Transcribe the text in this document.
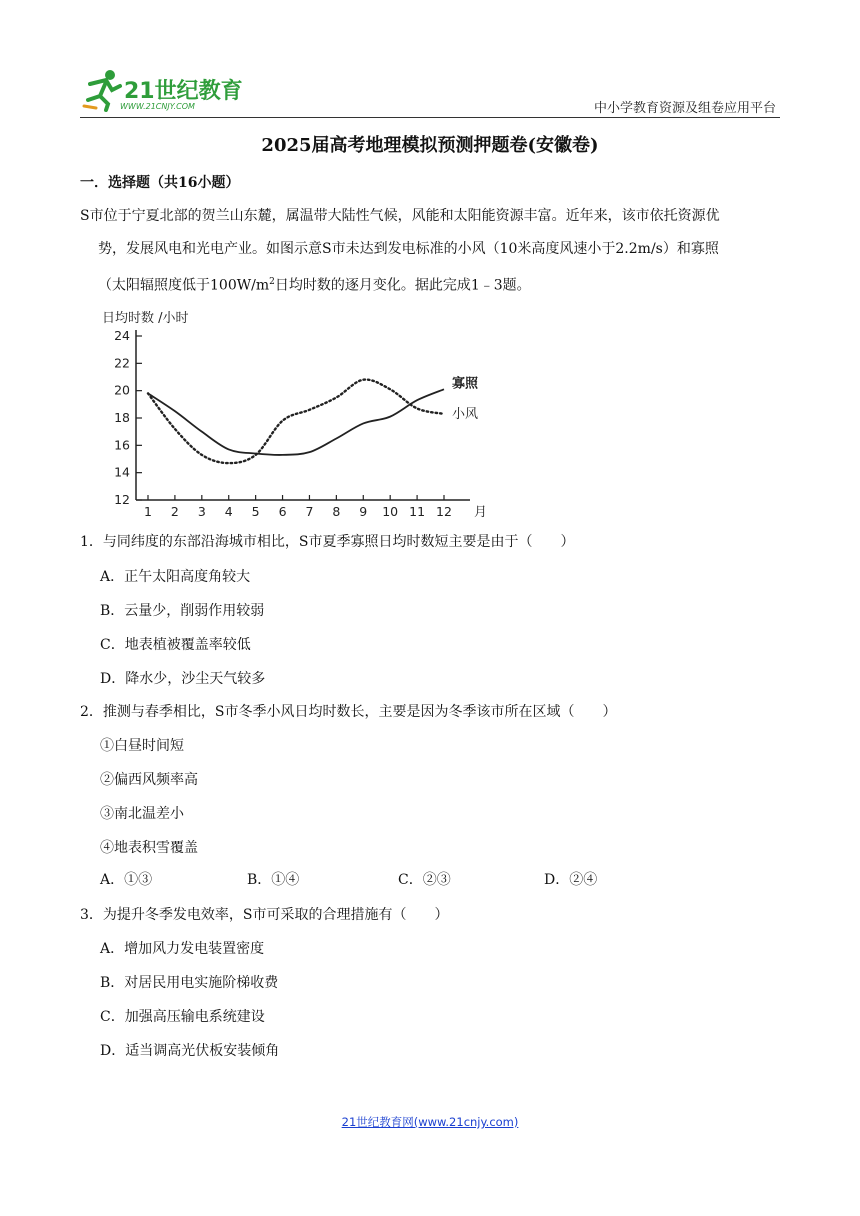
21世纪教育
WWW.21CNJY.COM	中小学教育资源及组卷应用平台
2025届高考地理模拟预测押题卷(安徽卷)
一．选择题（共16小题）
S市位于宁夏北部的贺兰山东麓，属温带大陆性气候，风能和太阳能资源丰富。近年来，该市依托资源优
势，发展风电和光电产业。如图示意S市未达到发电标准的小风（10米高度风速小于2.2m/s）和寡照
（太阳辐照度低于$100W/m^2$日均时数的逐月变化。据此完成1﹣3题。
日均时数 /小时
月
12
14
16
18
20
22
24
1 2 3 4 5 6 7 8 9 10 11 12
寡照
小风
1．与同纬度的东部沿海城市相比，S市夏季寡照日均时数短主要是由于（　　）
A．正午太阳高度角较大
B．云量少，削弱作用较弱
C．地表植被覆盖率较低
D．降水少，沙尘天气较多
2．推测与春季相比，S市冬季小风日均时数长，主要是因为冬季该市所在区域（　　）
①白昼时间短
②偏西风频率高
③南北温差小
④地表积雪覆盖
A．①③	B．①④	C．②③	D．②④
3．为提升冬季发电效率，S市可采取的合理措施有（　　）
A．增加风力发电装置密度
B．对居民用电实施阶梯收费
C．加强高压输电系统建设
D．适当调高光伏板安装倾角
21世纪教育网(www.21cnjy.com)
